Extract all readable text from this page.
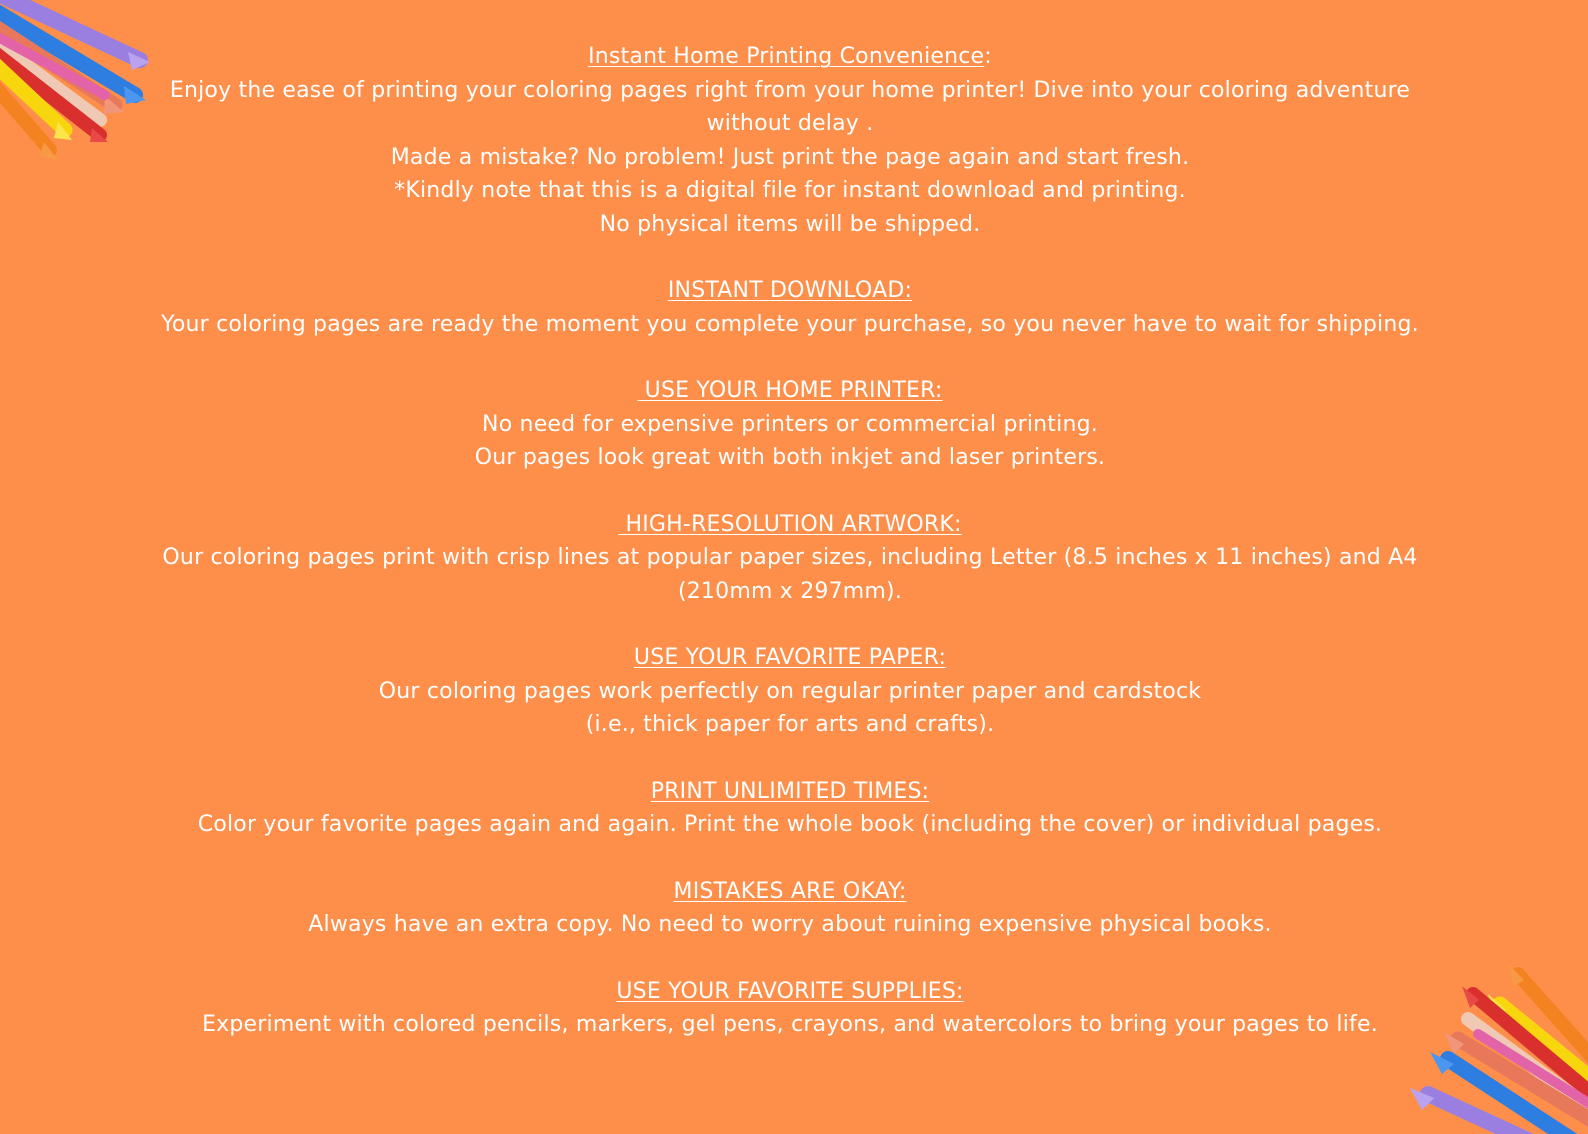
Instant Home Printing Convenience:
Enjoy the ease of printing your coloring pages right from your home printer! Dive into your coloring adventure
without delay .
Made a mistake? No problem! Just print the page again and start fresh.
*Kindly note that this is a digital file for instant download and printing.
No physical items will be shipped.
INSTANT DOWNLOAD:
Your coloring pages are ready the moment you complete your purchase, so you never have to wait for shipping.
USE YOUR HOME PRINTER:
No need for expensive printers or commercial printing.
Our pages look great with both inkjet and laser printers.
HIGH-RESOLUTION ARTWORK:
Our coloring pages print with crisp lines at popular paper sizes, including Letter (8.5 inches x 11 inches) and A4
(210mm x 297mm).
USE YOUR FAVORITE PAPER:
Our coloring pages work perfectly on regular printer paper and cardstock
(i.e., thick paper for arts and crafts).
PRINT UNLIMITED TIMES:
Color your favorite pages again and again. Print the whole book (including the cover) or individual pages.
MISTAKES ARE OKAY:
Always have an extra copy. No need to worry about ruining expensive physical books.
USE YOUR FAVORITE SUPPLIES:
Experiment with colored pencils, markers, gel pens, crayons, and watercolors to bring your pages to life.
